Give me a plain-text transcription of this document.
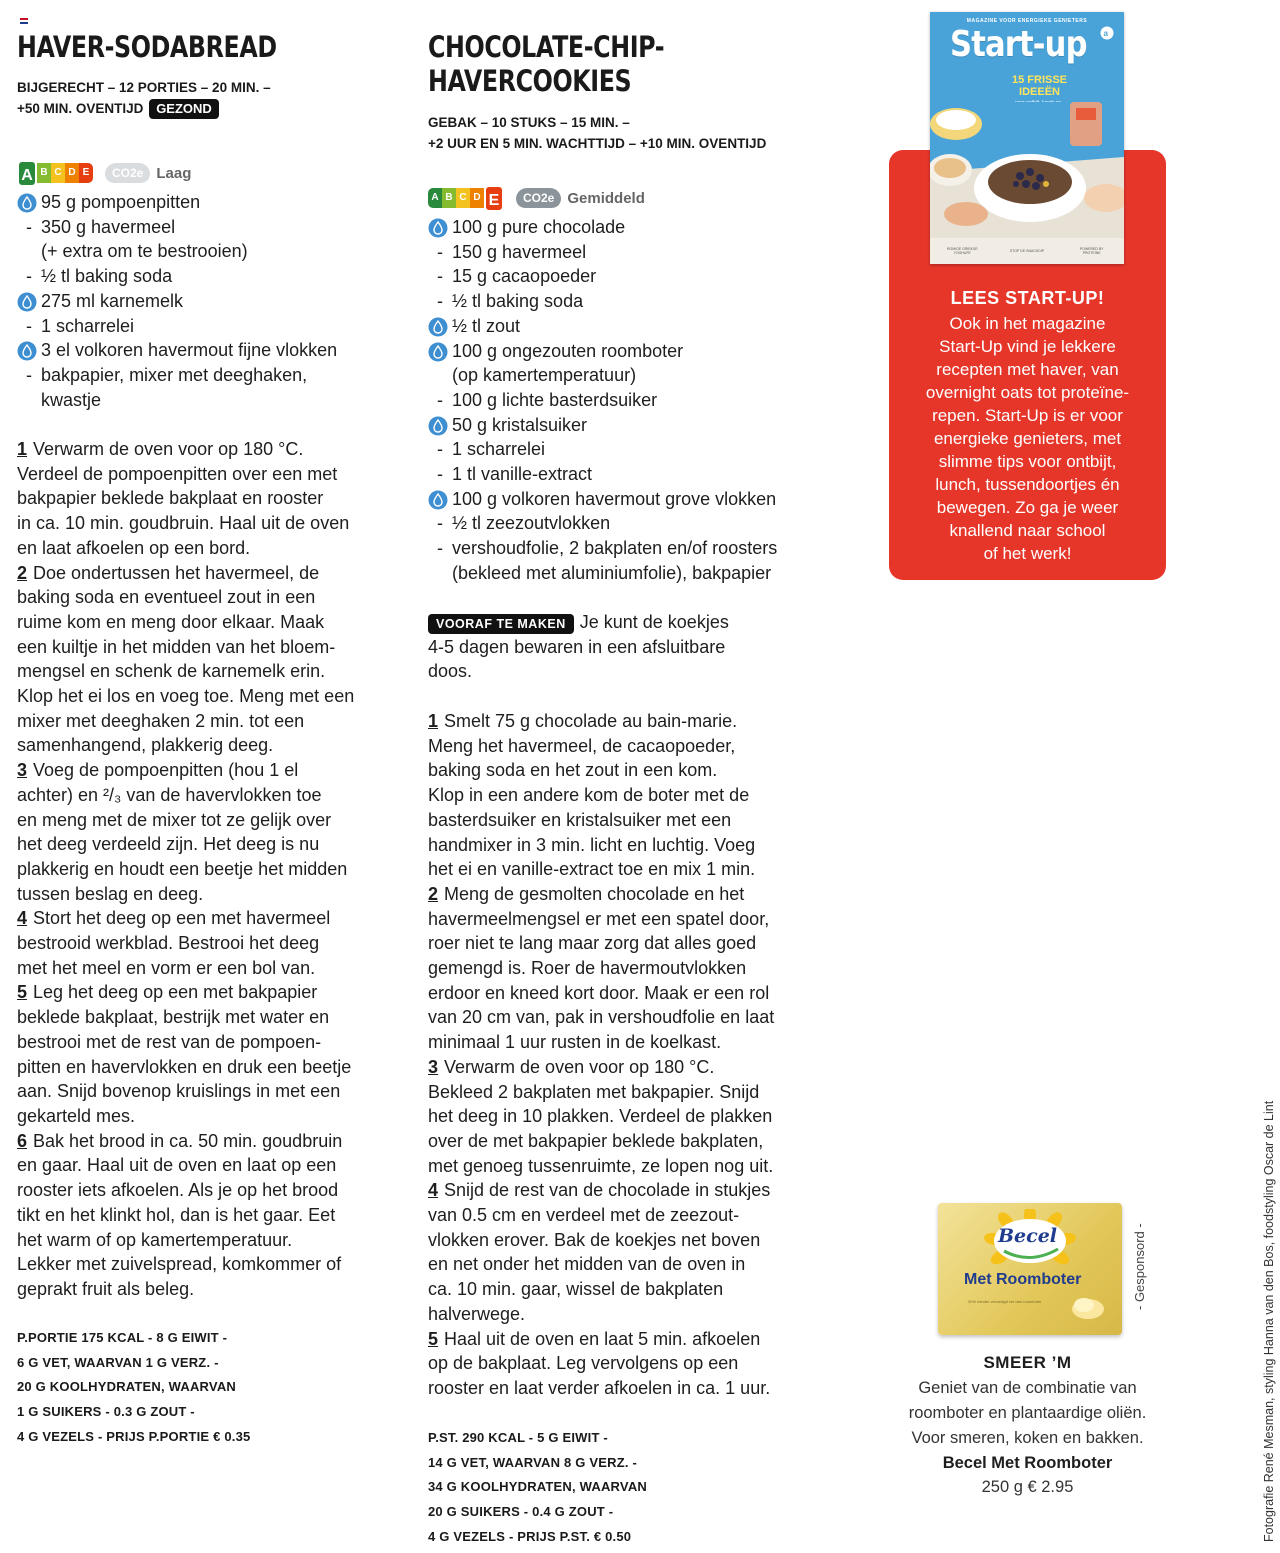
HAVER-SODABREAD
BIJGERECHT – 12 PORTIES – 20 MIN. –
+50 MIN. OVENTIJD GEZOND
A B C D E	CO2e Laag
95 g pompoenpitten
- 350 g havermeel
(+ extra om te bestrooien)
- ½ tl baking soda
275 ml karnemelk
- 1 scharrelei
3 el volkoren havermout fijne vlokken
- bakpapier, mixer met deeghaken,
kwastje

1 Verwarm de oven voor op 180 °C.

Verdeel de pompoenpitten over een met

bakpapier beklede bakplaat en rooster

in ca. 10 min. goudbruin. Haal uit de oven

en laat afkoelen op een bord.

2 Doe ondertussen het havermeel, de

baking soda en eventueel zout in een

ruime kom en meng door elkaar. Maak

een kuiltje in het midden van het bloem-

mengsel en schenk de karnemelk erin.

Klop het ei los en voeg toe. Meng met een

mixer met deeghaken 2 min. tot een

samenhangend, plakkerig deeg.

3 Voeg de pompoenpitten (hou 1 el

achter) en ²/₃ van de havervlokken toe

en meng met de mixer tot ze gelijk over

het deeg verdeeld zijn. Het deeg is nu

plakkerig en houdt een beetje het midden

tussen beslag en deeg.

4 Stort het deeg op een met havermeel

bestrooid werkblad. Bestrooi het deeg

met het meel en vorm er een bol van.

5 Leg het deeg op een met bakpapier

beklede bakplaat, bestrijk met water en

bestrooi met de rest van de pompoen-

pitten en havervlokken en druk een beetje

aan. Snijd bovenop kruislings in met een

gekarteld mes.

6 Bak het brood in ca. 50 min. goudbruin

en gaar. Haal uit de oven en laat op een

rooster iets afkoelen. Als je op het brood

tikt en het klinkt hol, dan is het gaar. Eet

het warm of op kamertemperatuur.

Lekker met zuivelspread, komkommer of

geprakt fruit als beleg.

P.PORTIE 175 KCAL - 8 G EIWIT -
6 G VET, WAARVAN 1 G VERZ. -
20 G KOOLHYDRATEN, WAARVAN
1 G SUIKERS - 0.3 G ZOUT -
4 G VEZELS - PRIJS P.PORTIE € 0.35
CHOCOLATE-CHIP-
HAVERCOOKIES
GEBAK – 10 STUKS – 15 MIN. –
+2 UUR EN 5 MIN. WACHTTIJD – +10 MIN. OVENTIJD
A B C D E	CO2e Gemiddeld
100 g pure chocolade
- 150 g havermeel
- 15 g cacaopoeder
- ½ tl baking soda
½ tl zout
100 g ongezouten roomboter
(op kamertemperatuur)
- 100 g lichte basterdsuiker
50 g kristalsuiker
- 1 scharrelei
- 1 tl vanille-extract
100 g volkoren havermout grove vlokken
- ½ tl zeezoutvlokken
- vershoudfolie, 2 bakplaten en/of roosters
(bekleed met aluminiumfolie), bakpapier
VOORAF TE MAKEN Je kunt de koekjes
4-5 dagen bewaren in een afsluitbare
doos.

1 Smelt 75 g chocolade au bain-marie.

Meng het havermeel, de cacaopoeder,

baking soda en het zout in een kom.

Klop in een andere kom de boter met de

basterdsuiker en kristalsuiker met een

handmixer in 3 min. licht en luchtig. Voeg

het ei en vanille-extract toe en mix 1 min.

2 Meng de gesmolten chocolade en het

havermeelmengsel er met een spatel door,

roer niet te lang maar zorg dat alles goed

gemengd is. Roer de havermoutvlokken

erdoor en kneed kort door. Maak er een rol

van 20 cm van, pak in vershoudfolie en laat

minimaal 1 uur rusten in de koelkast.

3 Verwarm de oven voor op 180 °C.

Bekleed 2 bakplaten met bakpapier. Snijd

het deeg in 10 plakken. Verdeel de plakken

over de met bakpapier beklede bakplaten,

met genoeg tussenruimte, ze lopen nog uit.

4 Snijd de rest van de chocolade in stukjes

van 0.5 cm en verdeel met de zeezout-

vlokken erover. Bak de koekjes net boven

en net onder het midden van de oven in

ca. 10 min. gaar, wissel de bakplaten

halverwege.

5 Haal uit de oven en laat 5 min. afkoelen

op de bakplaat. Leg vervolgens op een

rooster en laat verder afkoelen in ca. 1 uur.

P.ST. 290 KCAL - 5 G EIWIT -
14 G VET, WAARVAN 8 G VERZ. -
34 G KOOLHYDRATEN, WAARVAN
20 G SUIKERS - 0.4 G ZOUT -
4 G VEZELS - PRIJS P.ST. € 0.50
LEES START-UP!
Ook in het magazine
Start-Up vind je lekkere
recepten met haver, van
overnight oats tot proteïne-
repen. Start-Up is er voor
energieke genieters, met
slimme tips voor ontbijt,
lunch, tussendoortjes én
bewegen. Zo ga je weer
knallend naar school
of het werk!
MAGAZINE VOOR ENERGIEKE GENIETERS
Start-up a
15 FRISSE
IDEEËN
ROMIGE GRIEKSE YOGHURT	STOP DE SNACKDIP	POWERED BY PROTEÏNE
Becel
Met Roomboter
30% minder verzadigd vet dan roomboter	- Gesponsord -
SMEER ’M
Geniet van de combinatie van
roomboter en plantaardige oliën.
Voor smeren, koken en bakken.
Becel Met Roomboter
250 g € 2.95	Fotografie René Mesman, styling Hanna van den Bos, foodstyling Oscar de Lint
